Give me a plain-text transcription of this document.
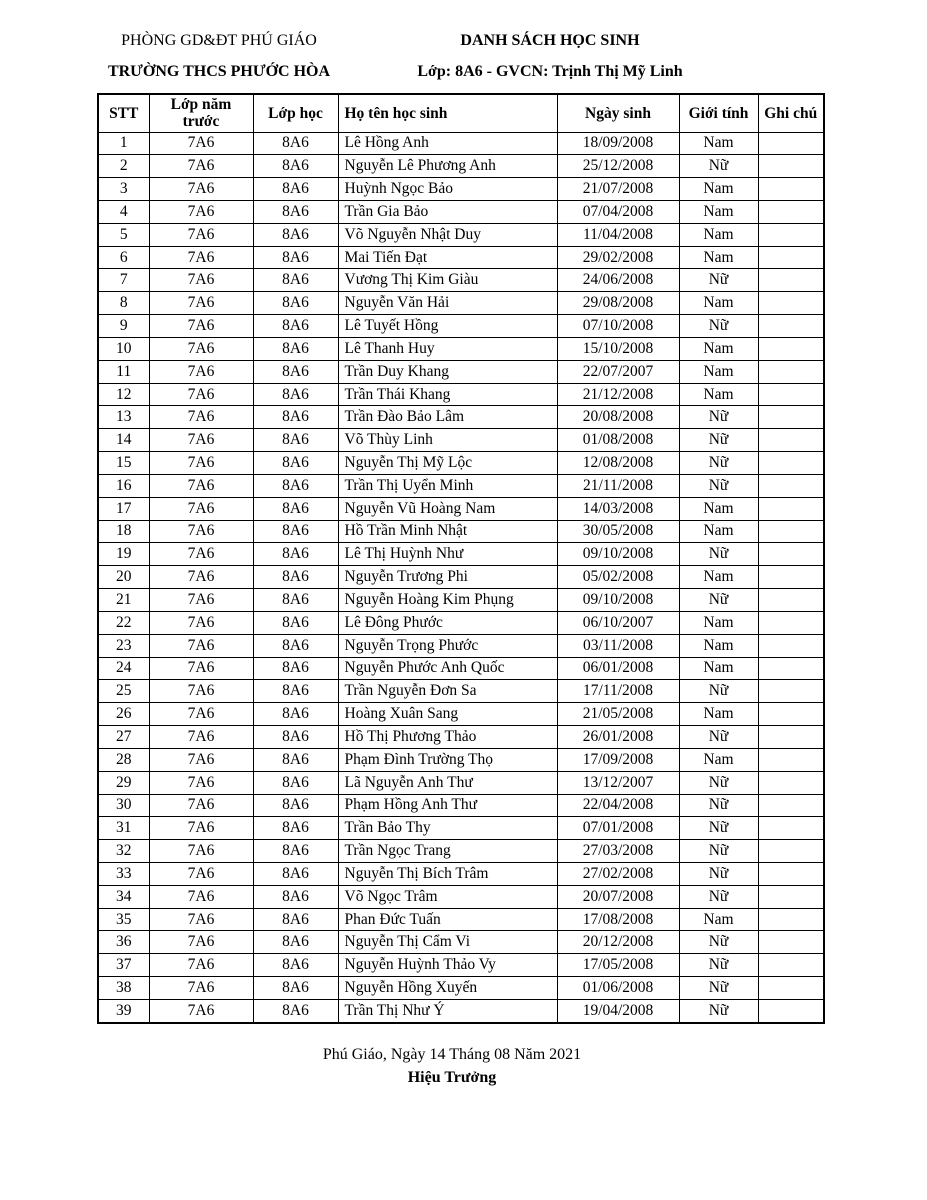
PHÒNG GD&ĐT PHÚ GIÁO
TRƯỜNG THCS PHƯỚC HÒA
DANH SÁCH HỌC SINH
Lớp: 8A6 - GVCN: Trịnh Thị Mỹ Linh
STT	Lớp năm trước	Lớp học	Họ tên học sinh	Ngày sinh	Giới tính	Ghi chú
1	7A6	8A6	Lê Hồng Anh	18/09/2008	Nam	
2	7A6	8A6	Nguyễn Lê Phương Anh	25/12/2008	Nữ	
3	7A6	8A6	Huỳnh Ngọc Bảo	21/07/2008	Nam	
4	7A6	8A6	Trần Gia Bảo	07/04/2008	Nam	
5	7A6	8A6	Võ Nguyễn Nhật Duy	11/04/2008	Nam	
6	7A6	8A6	Mai Tiến Đạt	29/02/2008	Nam	
7	7A6	8A6	Vương Thị Kim Giàu	24/06/2008	Nữ	
8	7A6	8A6	Nguyễn Văn Hải	29/08/2008	Nam	
9	7A6	8A6	Lê Tuyết Hồng	07/10/2008	Nữ	
10	7A6	8A6	Lê Thanh Huy	15/10/2008	Nam	
11	7A6	8A6	Trần Duy Khang	22/07/2007	Nam	
12	7A6	8A6	Trần Thái Khang	21/12/2008	Nam	
13	7A6	8A6	Trần Đào Bảo Lâm	20/08/2008	Nữ	
14	7A6	8A6	Võ Thùy Linh	01/08/2008	Nữ	
15	7A6	8A6	Nguyễn Thị Mỹ Lộc	12/08/2008	Nữ	
16	7A6	8A6	Trần Thị Uyển Minh	21/11/2008	Nữ	
17	7A6	8A6	Nguyễn Vũ Hoàng Nam	14/03/2008	Nam	
18	7A6	8A6	Hồ Trần Minh Nhật	30/05/2008	Nam	
19	7A6	8A6	Lê Thị Huỳnh Như	09/10/2008	Nữ	
20	7A6	8A6	Nguyễn Trương Phi	05/02/2008	Nam	
21	7A6	8A6	Nguyễn Hoàng Kim Phụng	09/10/2008	Nữ	
22	7A6	8A6	Lê Đông Phước	06/10/2007	Nam	
23	7A6	8A6	Nguyễn Trọng Phước	03/11/2008	Nam	
24	7A6	8A6	Nguyễn Phước Anh Quốc	06/01/2008	Nam	
25	7A6	8A6	Trần Nguyễn Đơn Sa	17/11/2008	Nữ	
26	7A6	8A6	Hoàng Xuân Sang	21/05/2008	Nam	
27	7A6	8A6	Hồ Thị Phương Thảo	26/01/2008	Nữ	
28	7A6	8A6	Phạm Đình Trường Thọ	17/09/2008	Nam	
29	7A6	8A6	Lã Nguyễn Anh Thư	13/12/2007	Nữ	
30	7A6	8A6	Phạm Hồng Anh Thư	22/04/2008	Nữ	
31	7A6	8A6	Trần Bảo Thy	07/01/2008	Nữ	
32	7A6	8A6	Trần Ngọc Trang	27/03/2008	Nữ	
33	7A6	8A6	Nguyễn Thị Bích Trâm	27/02/2008	Nữ	
34	7A6	8A6	Võ Ngọc Trâm	20/07/2008	Nữ	
35	7A6	8A6	Phan Đức Tuấn	17/08/2008	Nam	
36	7A6	8A6	Nguyễn Thị Cẩm Vi	20/12/2008	Nữ	
37	7A6	8A6	Nguyễn Huỳnh Thảo Vy	17/05/2008	Nữ	
38	7A6	8A6	Nguyễn Hồng Xuyến	01/06/2008	Nữ	
39	7A6	8A6	Trần Thị Như Ý	19/04/2008	Nữ	
Phú Giáo, Ngày 14 Tháng 08 Năm 2021
Hiệu Trưởng
